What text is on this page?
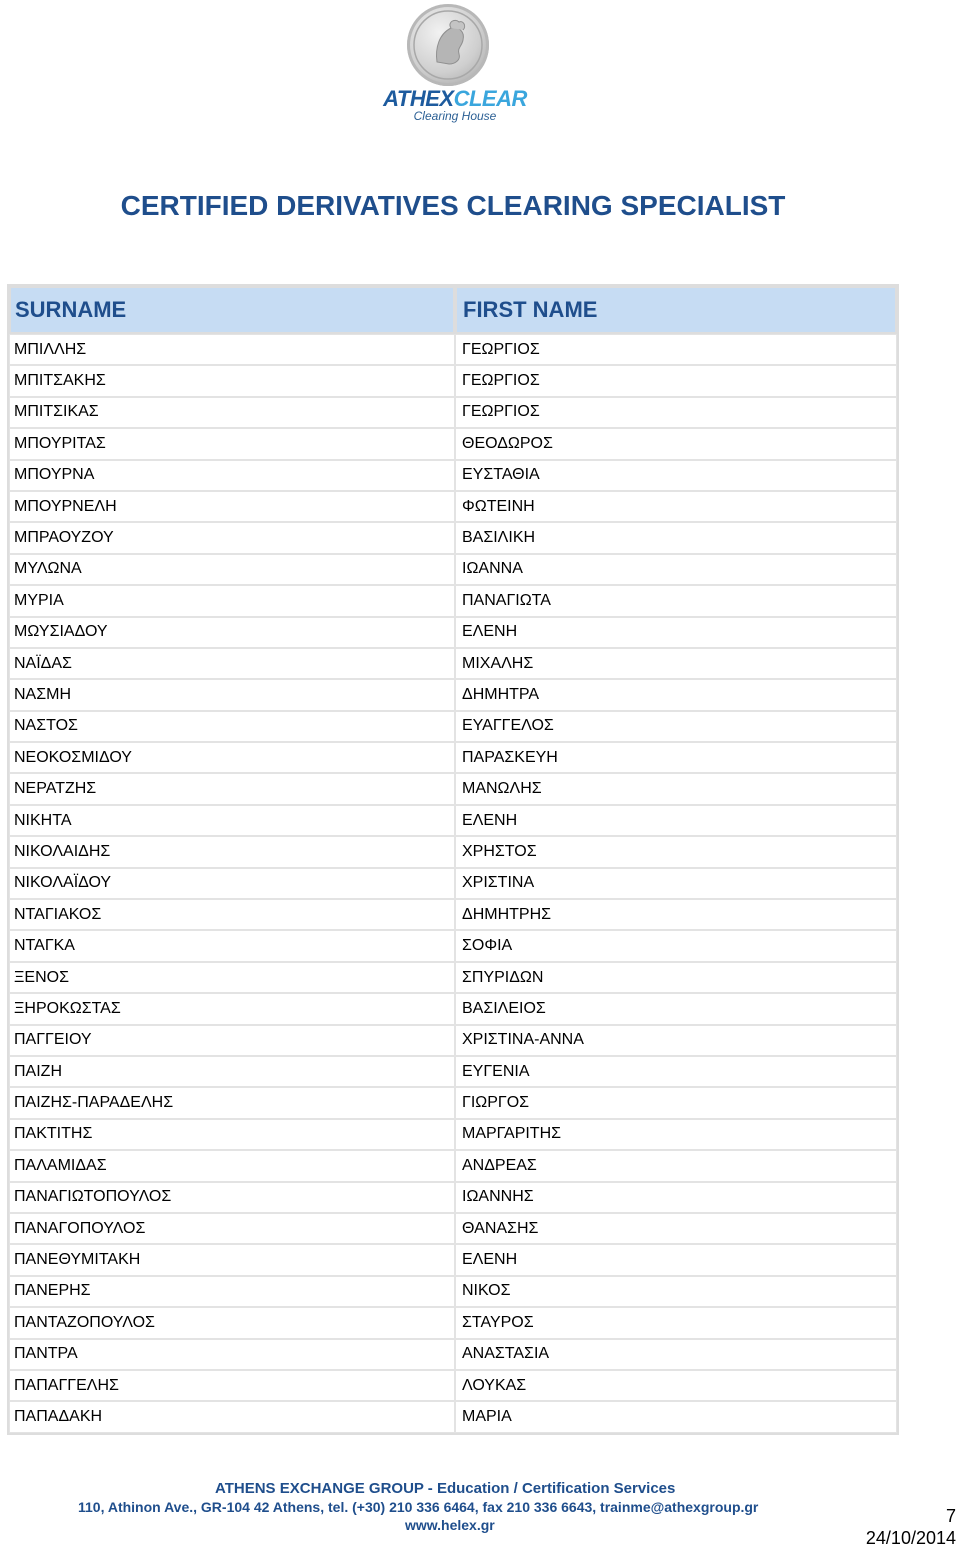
ATHEXCLEAR
Clearing House
CERTIFIED DERIVATIVES CLEARING SPECIALIST
SURNAME	FIRST NAME
ΜΠΙΛΛΗΣ	ΓΕΩΡΓΙΟΣ
ΜΠΙΤΣΑΚΗΣ	ΓΕΩΡΓΙΟΣ
ΜΠΙΤΣΙΚΑΣ	ΓΕΩΡΓΙΟΣ
ΜΠΟΥΡΙΤΑΣ	ΘΕΟΔΩΡΟΣ
ΜΠΟΥΡΝΑ	ΕΥΣΤΑΘΙΑ
ΜΠΟΥΡΝΕΛΗ	ΦΩΤΕΙΝΗ
ΜΠΡΑΟΥΖΟΥ	ΒΑΣΙΛΙΚΗ
ΜΥΛΩΝΑ	ΙΩΑΝΝΑ
ΜΥΡΙΑ	ΠΑΝΑΓΙΩΤΑ
ΜΩΥΣΙΑΔΟΥ	ΕΛΕΝΗ
ΝΑΪΔΑΣ	ΜΙΧΑΛΗΣ
ΝΑΣΜΗ	ΔΗΜΗΤΡΑ
ΝΑΣΤΟΣ	ΕΥΑΓΓΕΛΟΣ
ΝΕΟΚΟΣΜΙΔΟΥ	ΠΑΡΑΣΚΕΥΗ
ΝΕΡΑΤΖΗΣ	ΜΑΝΩΛΗΣ
ΝΙΚΗΤΑ	ΕΛΕΝΗ
ΝΙΚΟΛΑΙΔΗΣ	ΧΡΗΣΤΟΣ
ΝΙΚΟΛΑΪΔΟΥ	ΧΡΙΣΤΙΝΑ
ΝΤΑΓΙΑΚΟΣ	ΔΗΜΗΤΡΗΣ
ΝΤΑΓΚΑ	ΣΟΦΙΑ
ΞΕΝΟΣ	ΣΠΥΡΙΔΩΝ
ΞΗΡΟΚΩΣΤΑΣ	ΒΑΣΙΛΕΙΟΣ
ΠΑΓΓΕΙΟΥ	ΧΡΙΣΤΙΝΑ-ΑΝΝΑ
ΠΑΙΖΗ	ΕΥΓΕΝΙΑ
ΠΑΙΖΗΣ-ΠΑΡΑΔΕΛΗΣ	ΓΙΩΡΓΟΣ
ΠΑΚΤΙΤΗΣ	ΜΑΡΓΑΡΙΤΗΣ
ΠΑΛΑΜΙΔΑΣ	ΑΝΔΡΕΑΣ
ΠΑΝΑΓΙΩΤΟΠΟΥΛΟΣ	ΙΩΑΝΝΗΣ
ΠΑΝΑΓΟΠΟΥΛΟΣ	ΘΑΝΑΣΗΣ
ΠΑΝΕΘΥΜΙΤΑΚΗ	ΕΛΕΝΗ
ΠΑΝΕΡΗΣ	ΝΙΚΟΣ
ΠΑΝΤΑΖΟΠΟΥΛΟΣ	ΣΤΑΥΡΟΣ
ΠΑΝΤΡΑ	ΑΝΑΣΤΑΣΙΑ
ΠΑΠΑΓΓΕΛΗΣ	ΛΟΥΚΑΣ
ΠΑΠΑΔΑΚΗ	ΜΑΡΙΑ
ATHENS EXCHANGE GROUP - Education / Certification Services
110, Athinon Ave., GR-104 42 Athens, tel. (+30) 210 336 6464, fax 210 336 6643, trainme@athexgroup.gr
www.helex.gr	7
24/10/2014
